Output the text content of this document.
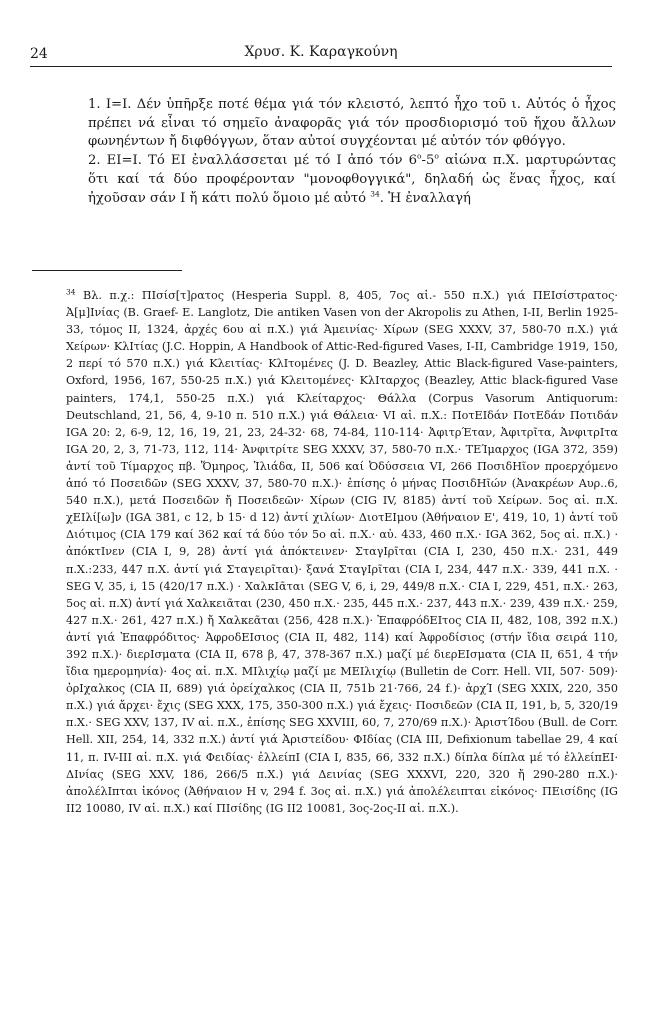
24	Χρυσ. Κ. Καραγκούνη

1. Ι=Ι. Δέν ὑπῆρξε ποτέ θέμα γιά τόν κλειστό, λεπτό ἦχο τοῦ ι. Αὐτός ὁ ἦχος πρέπει νά εἶναι τό σημεῖο ἀναφορᾶς γιά τόν προσδιορισμό τοῦ ἤχου ἄλλων φωνηέντων ἤ διφθόγγων, ὅταν αὐτοί συγχέονται μέ αὐτόν τόν φθόγγο.

2. ΕΙ=Ι. Τό ΕΙ ἐναλλάσσεται μέ τό Ι ἀπό τόν $6^o-5^o$ αἰώνα π.Χ. μαρτυρώντας ὅτι καί τά δύο προφέρονταν "μονοφθογγικά", δηλαδή ὡς ἕνας ἦχος, καί ἠχοῦσαν σάν Ι ἤ κάτι πολύ ὅμοιο μέ αὐτό $^{34}$. Ἡ ἐναλλαγή

$^{34}$ Βλ. π.χ.: ΠΙσίσ[τ]ρατος (Hesperia Suppl. 8, 405, 7ος αἰ.- 550 π.Χ.) γιά ΠΕΙσίστρατος· Ἀ[μ]Ινίας (B. Graef- E. Langlotz, Die antiken Vasen von der Akropolis zu Athen, I-II, Berlin 1925-33, τόμος II, 1324, ἀρχές 6ου αἰ π.Χ.) γιά Ἀμεινίας· Χίρων (SEG XXXV, 37, 580-70 π.Χ.) γιά Χείρων· ΚλΙτίας (J.C. Hoppin, A Handbook of Attic-Red-figured Vases, I-II, Cambridge 1919, 150, 2 περί τό 570 π.Χ.) γιά Κλειτίας· ΚλΙτομένες (J. D. Beazley, Attic Black-figured Vase-painters, Oxford, 1956, 167, 550-25 π.Χ.) γιά Κλειτομένες· ΚλΙταρχος (Beazley, Attic black-figured Vase painters, 174,1, 550-25 π.Χ.) γιά Κλείταρχος· Θάλλα (Corpus Vasorum Antiquorum: Deutschland, 21, 56, 4, 9-10 π. 510 π.Χ.) γιά Θάλεια· VI αἰ. π.Χ.: ΠοτΕΙδάν ΠοτΕδάν Ποτιδάν IGA 20: 2, 6-9, 12, 16, 19, 21, 23, 24-32· 68, 74-84, 110-114· ἈφιτρΈταν, Ἀφιτρῖτα, ἈνφιτρΙτα IGA 20, 2, 3, 71-73, 112, 114· Ἀνφιτρίτε SEG XXXV, 37, 580-70 π.Χ.· ΤΕΊμαρχος (IGA 372, 359) ἀντί τοῦ Τίμαρχος πβ. Ὅμηρος, Ἰλιάδα, II, 506 καί Ὀδύσσεια VI, 266 ΠοσιδΗῖον προερχόμενο ἀπό τό Ποσειδῶν (SEG XXXV, 37, 580-70 π.Χ.)· ἐπίσης ὁ μήνας ΠοσιδΗῖών (Ἀνακρέων Αυρ..6, 540 π.Χ.), μετά Ποσειδῶν ἤ Ποσειδεῶν· Χίρων (CIG IV, 8185) ἀντί τοῦ Χείρων. 5ος αἰ. π.Χ. χΕΙλί[ω]ν (IGA 381, c 12, b 15· d 12) ἀντί χιλίων· ΔιοτΕΙμου (Ἀθήναιον Ε', 419, 10, 1) ἀντί τοῦ Διότιμος (CIA 179 καί 362 καί τά δύο τόν 5ο αἰ. π.Χ.· αὐ. 433, 460 π.Χ.· IGA 362, 5ος αἰ. π.Χ.) · ἀπόκτΙνεν (CIA I, 9, 28) ἀντί γιά ἀπόκτεινεν· ΣταγΙρῖται (CIA I, 230, 450 π.Χ.· 231, 449 π.Χ.:233, 447 π.Χ. ἀντί γιά Σταγειρῖται)· ξανά ΣταγΙρῖται (CIA I, 234, 447 π.Χ.· 339, 441 π.Χ. · SEG V, 35, i, 15 (420/17 π.Χ.) · ΧαλκΙᾶται (SEG V, 6, i, 29, 449/8 π.Χ.· CIA I, 229, 451, π.Χ.· 263, 5ος αἰ. π.Χ) ἀντί γιά Χαλκειᾶται (230, 450 π.Χ.· 235, 445 π.Χ.· 237, 443 π.Χ.· 239, 439 π.Χ.· 259, 427 π.Χ.· 261, 427 π.Χ.) ἤ Χαλκεᾶται (256, 428 π.Χ.)· ἘπαφρόδΕΙτος CIA II, 482, 108, 392 π.Χ.) ἀντί γιά Ἐπαφρόδιτος· ἈφροδΕΙσιος (CIA II, 482, 114) καί Ἀφροδίσιος (στήν ἴδια σειρά 110, 392 π.Χ.)· διερΙσματα (CIA II, 678 β, 47, 378-367 π.Χ.) μαζί μέ διερΕΙσματα (CIA II, 651, 4 τήν ἴδια ημερομηνία)· 4ος αἰ. π.Χ. ΜΙλιχίῳ μαζί με ΜΕΙλιχίῳ (Bulletin de Corr. Hell. VII, 507· 509)· ὀρΙχαλκος (CIA II, 689) γιά ὀρείχαλκος (CIA II, 751b 21·766, 24 f.)· ἀρχΊ (SEG XXIX, 220, 350 π.Χ.) γιά ἄρχει· ἔχις (SEG XXX, 175, 350-300 π.Χ.) γιά ἔχεις· Ποσιδεῶν (CIA II, 191, b, 5, 320/19 π.Χ.· SEG XXV, 137, IV αἰ. π.Χ., ἐπίσης SEG XXVIII, 60, 7, 270/69 π.Χ.)· ἈριστΊδου (Bull. de Corr. Hell. XII, 254, 14, 332 π.Χ.) ἀντί γιά Ἀριστείδου· ΦΙδίας (CIA III, Defixionum tabellae 29, 4 καί 11, π. IV-III αἰ. π.Χ. γιά Φειδίας· ἐλλείπΙ (CIA I, 835, 66, 332 π.Χ.) δίπλα δίπλα μέ τό ἐλλείπΕΙ· ΔΙνίας (SEG XXV, 186, 266/5 π.Χ.) γιά Δεινίας (SEG XXXVI, 220, 320 ἤ 290-280 π.Χ.)· ἀπολέλΙπται ἰκόνος (Ἀθήναιον Η v, 294 f. 3ος αἰ. π.Χ.) γιά ἀπολέλειπται εἰκόνος· ΠΕισίδης (IG II2 10080, IV αἰ. π.Χ.) καί ΠΙσίδης (IG II2 10081, 3ος-2ος-II αἰ. π.Χ.).
